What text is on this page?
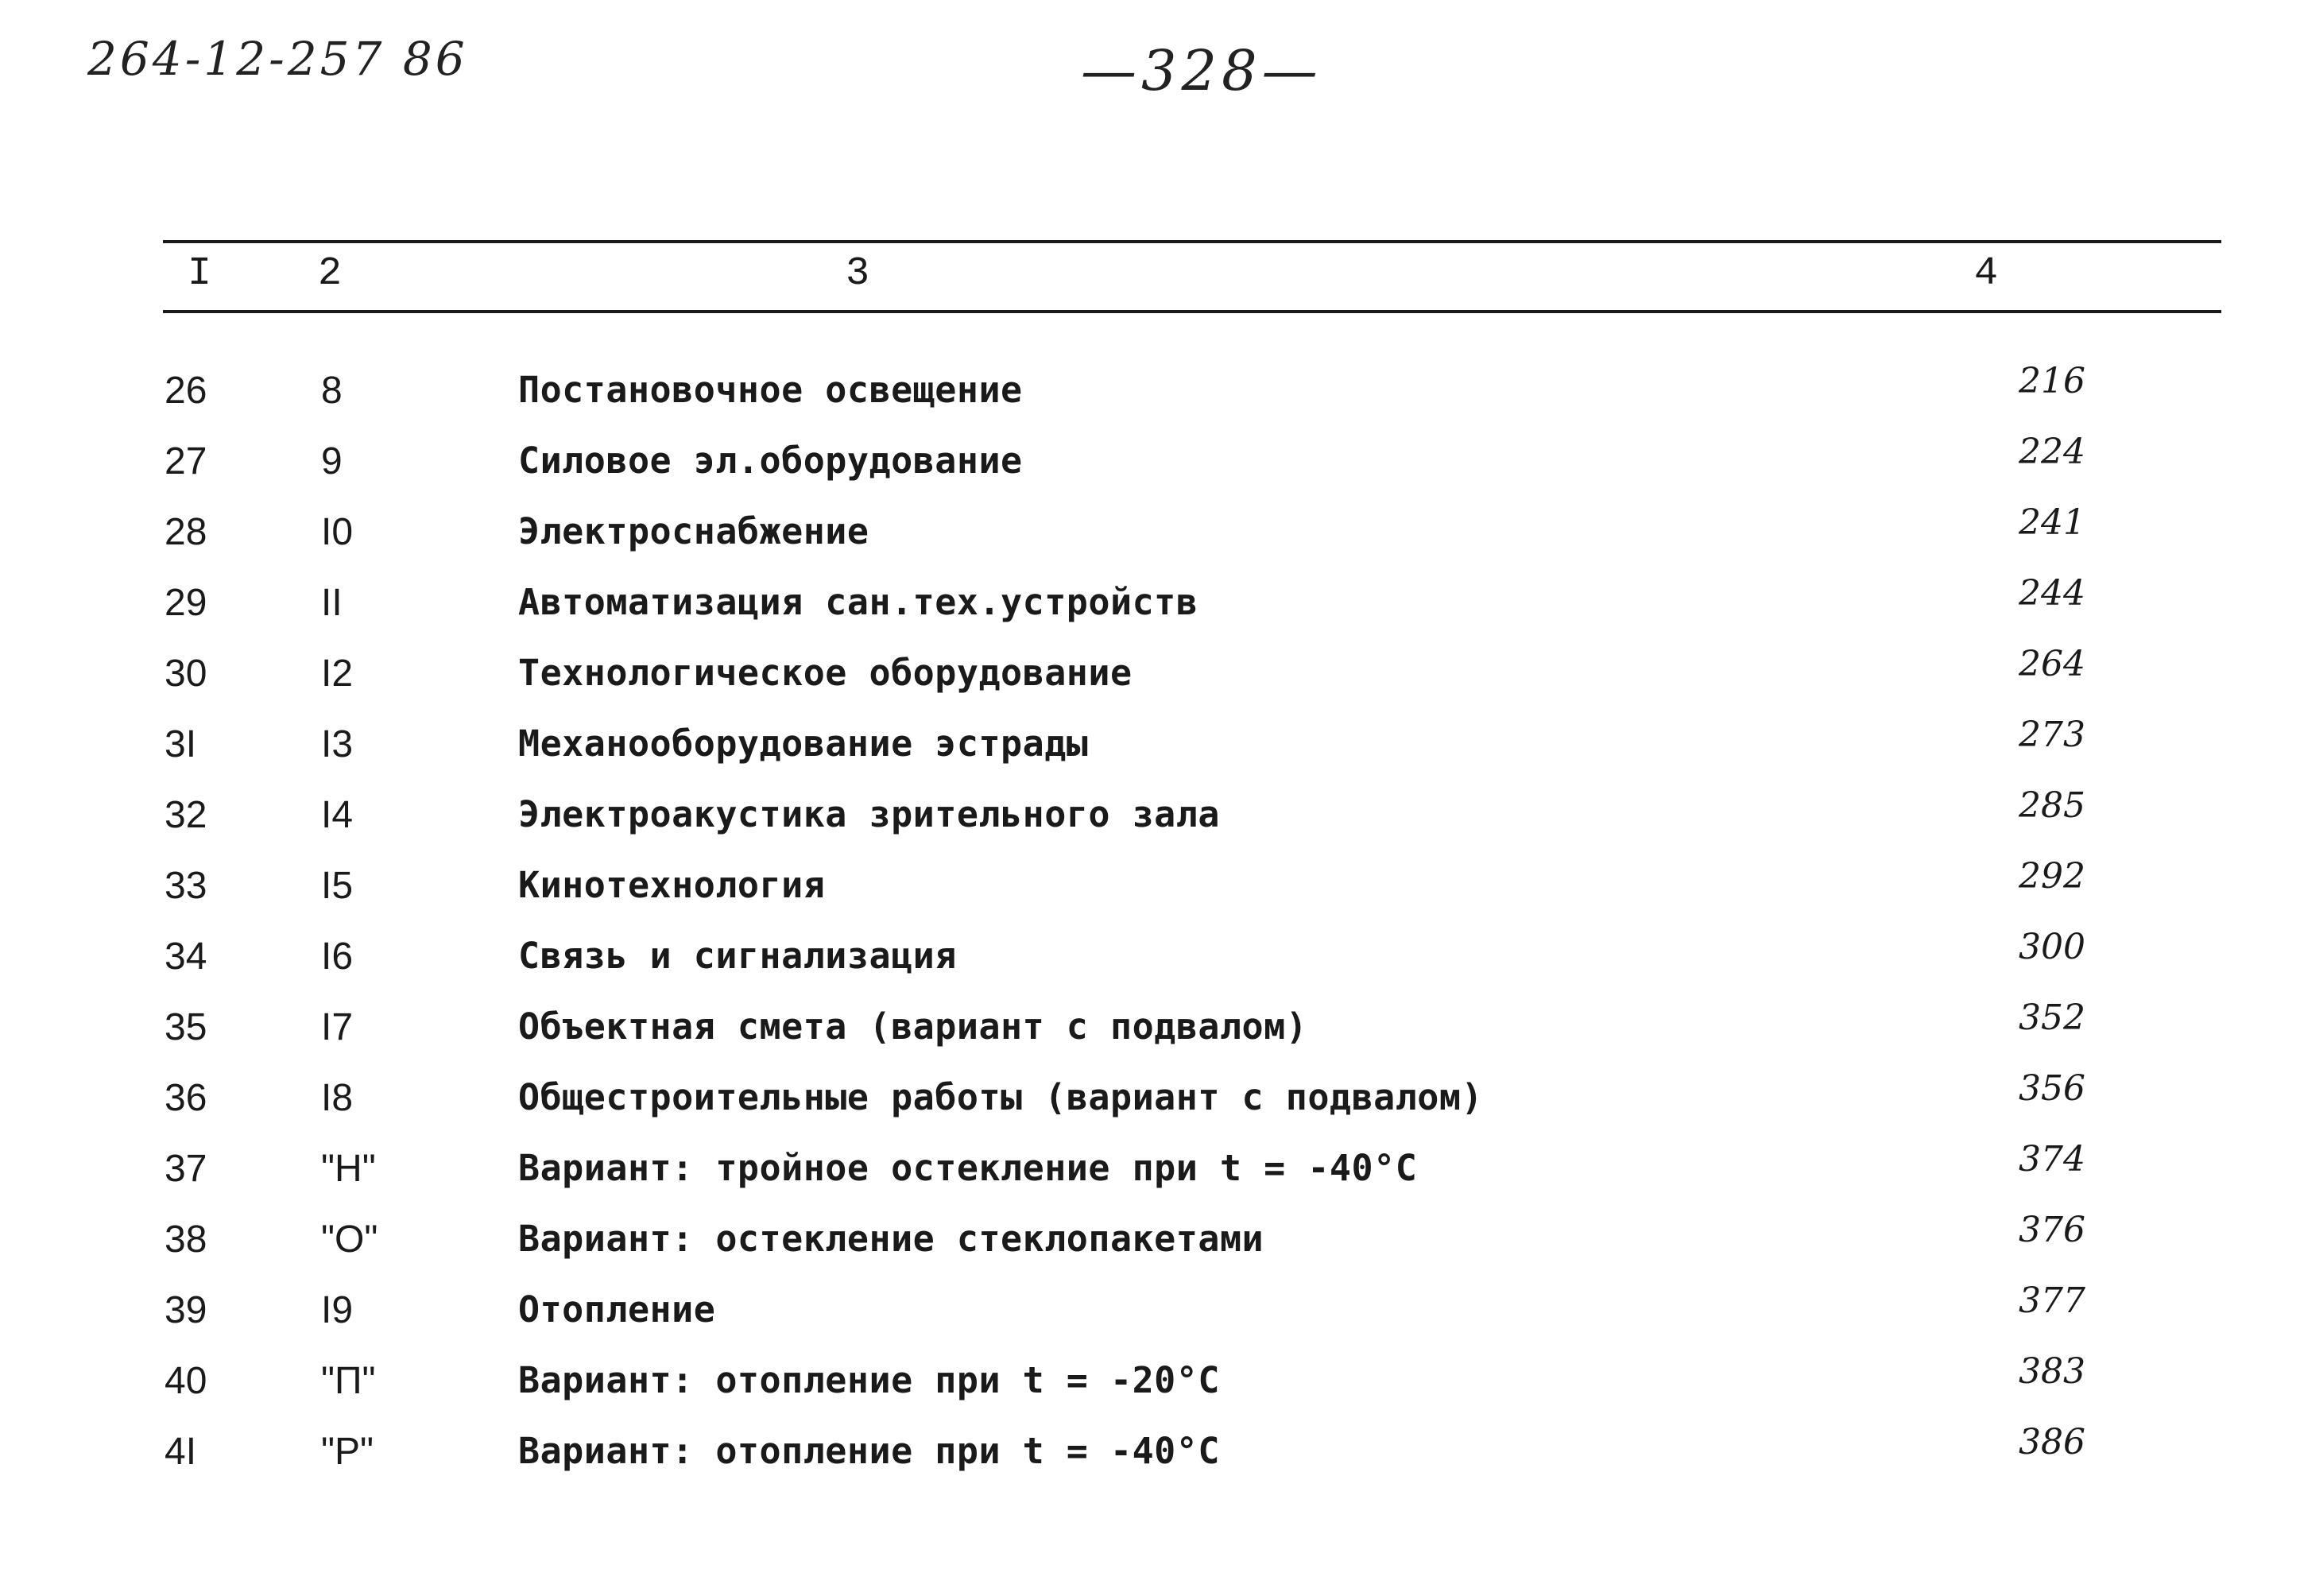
264-12-257 86	—328—
I	2	3	4
26	8	Постановочное освещение	216
27	9	Силовое эл.оборудование	224
28	I0	Электроснабжение	241
29	II	Автоматизация сан.тех.устройств	244
30	I2	Технологическое оборудование	264
3I	I3	Механооборудование эстрады	273
32	I4	Электроакустика зрительного зала	285
33	I5	Кинотехнология	292
34	I6	Связь и сигнализация	300
35	I7	Объектная смета (вариант с подвалом)	352
36	I8	Общестроительные работы (вариант с подвалом)	356
37	"Н"	Вариант: тройное остекление при t = -40°C	374
38	"О"	Вариант: остекление стеклопакетами	376
39	I9	Отопление	377
40	"П"	Вариант: отопление при t = -20°C	383
4I	"Р"	Вариант: отопление при t = -40°C	386
